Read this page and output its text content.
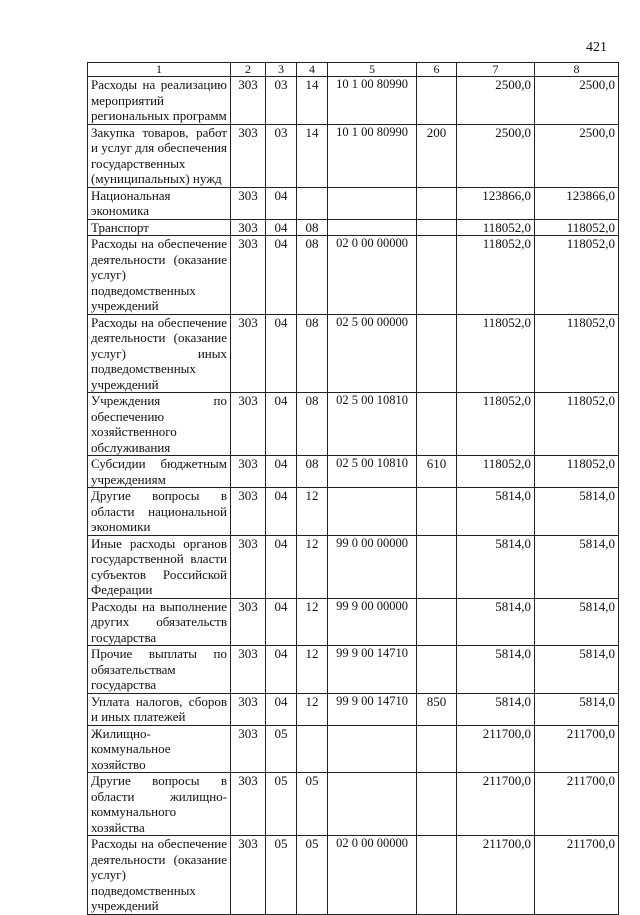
421
1	2	3	4	5	6	7	8
Расходы на реализацию мероприятий региональных программ	303	03	14	10 1 00 80990		2500,0	2500,0
Закупка товаров, работ и услуг для обеспечения государственных (муниципальных) нужд	303	03	14	10 1 00 80990	200	2500,0	2500,0
Национальная экономика	303	04				123866,0	123866,0
Транспорт	303	04	08			118052,0	118052,0
Расходы на обеспечение деятельности (оказание услуг) подведомственных учреждений	303	04	08	02 0 00 00000		118052,0	118052,0
Расходы на обеспечение деятельности (оказание услуг) иных подведомственных учреждений	303	04	08	02 5 00 00000		118052,0	118052,0
Учреждения по обеспечению хозяйственного обслуживания	303	04	08	02 5 00 10810		118052,0	118052,0
Субсидии бюджетным учреждениям	303	04	08	02 5 00 10810	610	118052,0	118052,0
Другие вопросы в области национальной экономики	303	04	12			5814,0	5814,0
Иные расходы органов государственной власти субъектов Российской Федерации	303	04	12	99 0 00 00000		5814,0	5814,0
Расходы на выполнение других обязательств государства	303	04	12	99 9 00 00000		5814,0	5814,0
Прочие выплаты по обязательствам государства	303	04	12	99 9 00 14710		5814,0	5814,0
Уплата налогов, сборов и иных платежей	303	04	12	99 9 00 14710	850	5814,0	5814,0
Жилищно-коммунальное хозяйство	303	05				211700,0	211700,0
Другие вопросы в области жилищно-коммунального хозяйства	303	05	05			211700,0	211700,0
Расходы на обеспечение деятельности (оказание услуг) подведомственных учреждений	303	05	05	02 0 00 00000		211700,0	211700,0
